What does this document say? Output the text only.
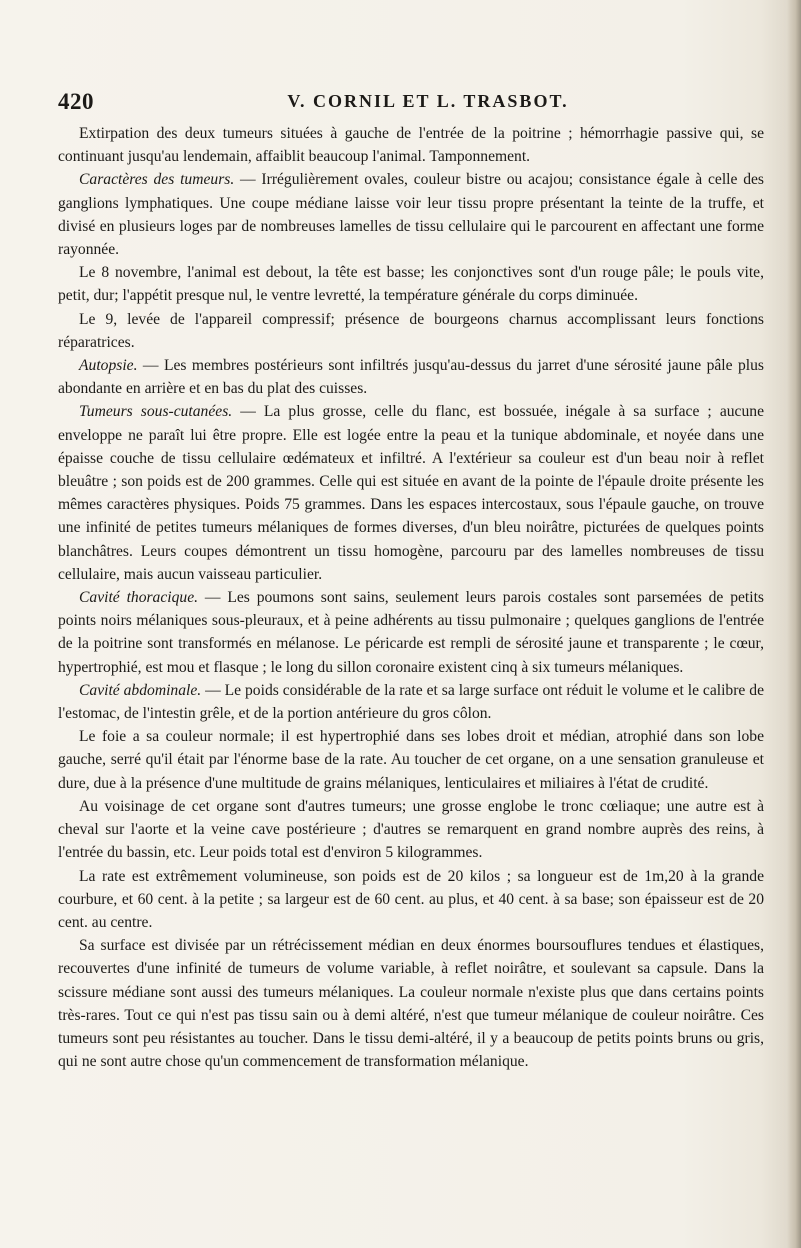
420	V. CORNIL ET L. TRASBOT.

Extirpation des deux tumeurs situées à gauche de l'entrée de la poitrine ; hémorrhagie passive qui, se continuant jusqu'au lendemain, affaiblit beaucoup l'animal. Tamponnement.

Caractères des tumeurs. — Irrégulièrement ovales, couleur bistre ou acajou; consistance égale à celle des ganglions lymphatiques. Une coupe médiane laisse voir leur tissu propre présentant la teinte de la truffe, et divisé en plusieurs loges par de nombreuses lamelles de tissu cellulaire qui le parcourent en affectant une forme rayonnée.

Le 8 novembre, l'animal est debout, la tête est basse; les conjonctives sont d'un rouge pâle; le pouls vite, petit, dur; l'appétit presque nul, le ventre levretté, la température générale du corps diminuée.

Le 9, levée de l'appareil compressif; présence de bourgeons charnus accomplissant leurs fonctions réparatrices.

Autopsie. — Les membres postérieurs sont infiltrés jusqu'au-dessus du jarret d'une sérosité jaune pâle plus abondante en arrière et en bas du plat des cuisses.

Tumeurs sous-cutanées. — La plus grosse, celle du flanc, est bossuée, inégale à sa surface ; aucune enveloppe ne paraît lui être propre. Elle est logée entre la peau et la tunique abdominale, et noyée dans une épaisse couche de tissu cellulaire œdémateux et infiltré. A l'extérieur sa couleur est d'un beau noir à reflet bleuâtre ; son poids est de 200 grammes. Celle qui est située en avant de la pointe de l'épaule droite présente les mêmes caractères physiques. Poids 75 grammes. Dans les espaces intercostaux, sous l'épaule gauche, on trouve une infinité de petites tumeurs mélaniques de formes diverses, d'un bleu noirâtre, picturées de quelques points blanchâtres. Leurs coupes démontrent un tissu homogène, parcouru par des lamelles nombreuses de tissu cellulaire, mais aucun vaisseau particulier.

Cavité thoracique. — Les poumons sont sains, seulement leurs parois costales sont parsemées de petits points noirs mélaniques sous-pleuraux, et à peine adhérents au tissu pulmonaire ; quelques ganglions de l'entrée de la poitrine sont transformés en mélanose. Le péricarde est rempli de sérosité jaune et transparente ; le cœur, hypertrophié, est mou et flasque ; le long du sillon coronaire existent cinq à six tumeurs mélaniques.

Cavité abdominale. — Le poids considérable de la rate et sa large surface ont réduit le volume et le calibre de l'estomac, de l'intestin grêle, et de la portion antérieure du gros côlon.

Le foie a sa couleur normale; il est hypertrophié dans ses lobes droit et médian, atrophié dans son lobe gauche, serré qu'il était par l'énorme base de la rate. Au toucher de cet organe, on a une sensation granuleuse et dure, due à la présence d'une multitude de grains mélaniques, lenticulaires et miliaires à l'état de crudité.

Au voisinage de cet organe sont d'autres tumeurs; une grosse englobe le tronc cœliaque; une autre est à cheval sur l'aorte et la veine cave postérieure ; d'autres se remarquent en grand nombre auprès des reins, à l'entrée du bassin, etc. Leur poids total est d'environ 5 kilogrammes.

La rate est extrêmement volumineuse, son poids est de 20 kilos ; sa longueur est de 1m,20 à la grande courbure, et 60 cent. à la petite ; sa largeur est de 60 cent. au plus, et 40 cent. à sa base; son épaisseur est de 20 cent. au centre.

Sa surface est divisée par un rétrécissement médian en deux énormes boursouflures tendues et élastiques, recouvertes d'une infinité de tumeurs de volume variable, à reflet noirâtre, et soulevant sa capsule. Dans la scissure médiane sont aussi des tumeurs mélaniques. La couleur normale n'existe plus que dans certains points très-rares. Tout ce qui n'est pas tissu sain ou à demi altéré, n'est que tumeur mélanique de couleur noirâtre. Ces tumeurs sont peu résistantes au toucher. Dans le tissu demi-altéré, il y a beaucoup de petits points bruns ou gris, qui ne sont autre chose qu'un commencement de transformation mélanique.
